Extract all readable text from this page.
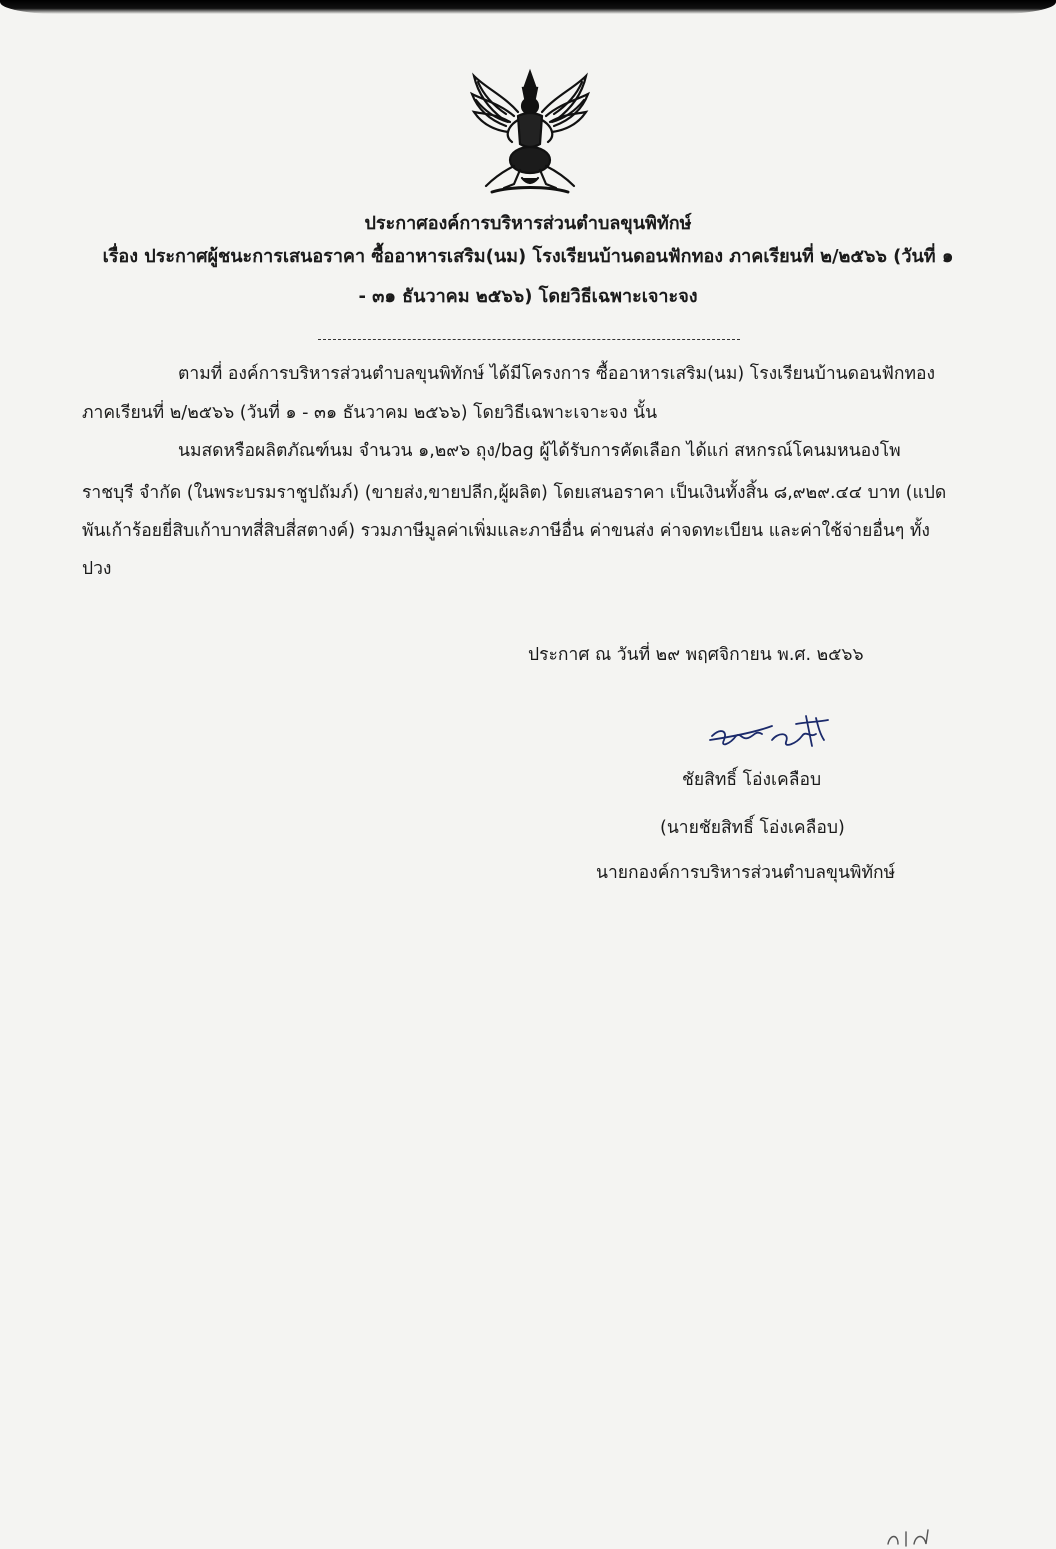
ประกาศองค์การบริหารส่วนตำบลขุนพิทักษ์
เรื่อง ประกาศผู้ชนะการเสนอราคา ซื้ออาหารเสริม(นม) โรงเรียนบ้านดอนฟักทอง ภาคเรียนที่ ๒/๒๕๖๖ (วันที่ ๑
- ๓๑ ธันวาคม ๒๕๖๖) โดยวิธีเฉพาะเจาะจง
ตามที่ องค์การบริหารส่วนตำบลขุนพิทักษ์ ได้มีโครงการ ซื้ออาหารเสริม(นม) โรงเรียนบ้านดอนฟักทอง
ภาคเรียนที่ ๒/๒๕๖๖ (วันที่ ๑ - ๓๑ ธันวาคม ๒๕๖๖) โดยวิธีเฉพาะเจาะจง นั้น
นมสดหรือผลิตภัณฑ์นม จำนวน ๑,๒๙๖ ถุง/bag ผู้ได้รับการคัดเลือก ได้แก่ สหกรณ์โคนมหนองโพ
ราชบุรี จำกัด (ในพระบรมราชูปถัมภ์) (ขายส่ง,ขายปลีก,ผู้ผลิต) โดยเสนอราคา เป็นเงินทั้งสิ้น ๘,๙๒๙.๔๔ บาท (แปด
พันเก้าร้อยยี่สิบเก้าบาทสี่สิบสี่สตางค์) รวมภาษีมูลค่าเพิ่มและภาษีอื่น ค่าขนส่ง ค่าจดทะเบียน และค่าใช้จ่ายอื่นๆ ทั้ง
ปวง
ประกาศ ณ วันที่ ๒๙ พฤศจิกายน พ.ศ. ๒๕๖๖
ชัยสิทธิ์ โอ่งเคลือบ
(นายชัยสิทธิ์ โอ่งเคลือบ)
นายกองค์การบริหารส่วนตำบลขุนพิทักษ์
